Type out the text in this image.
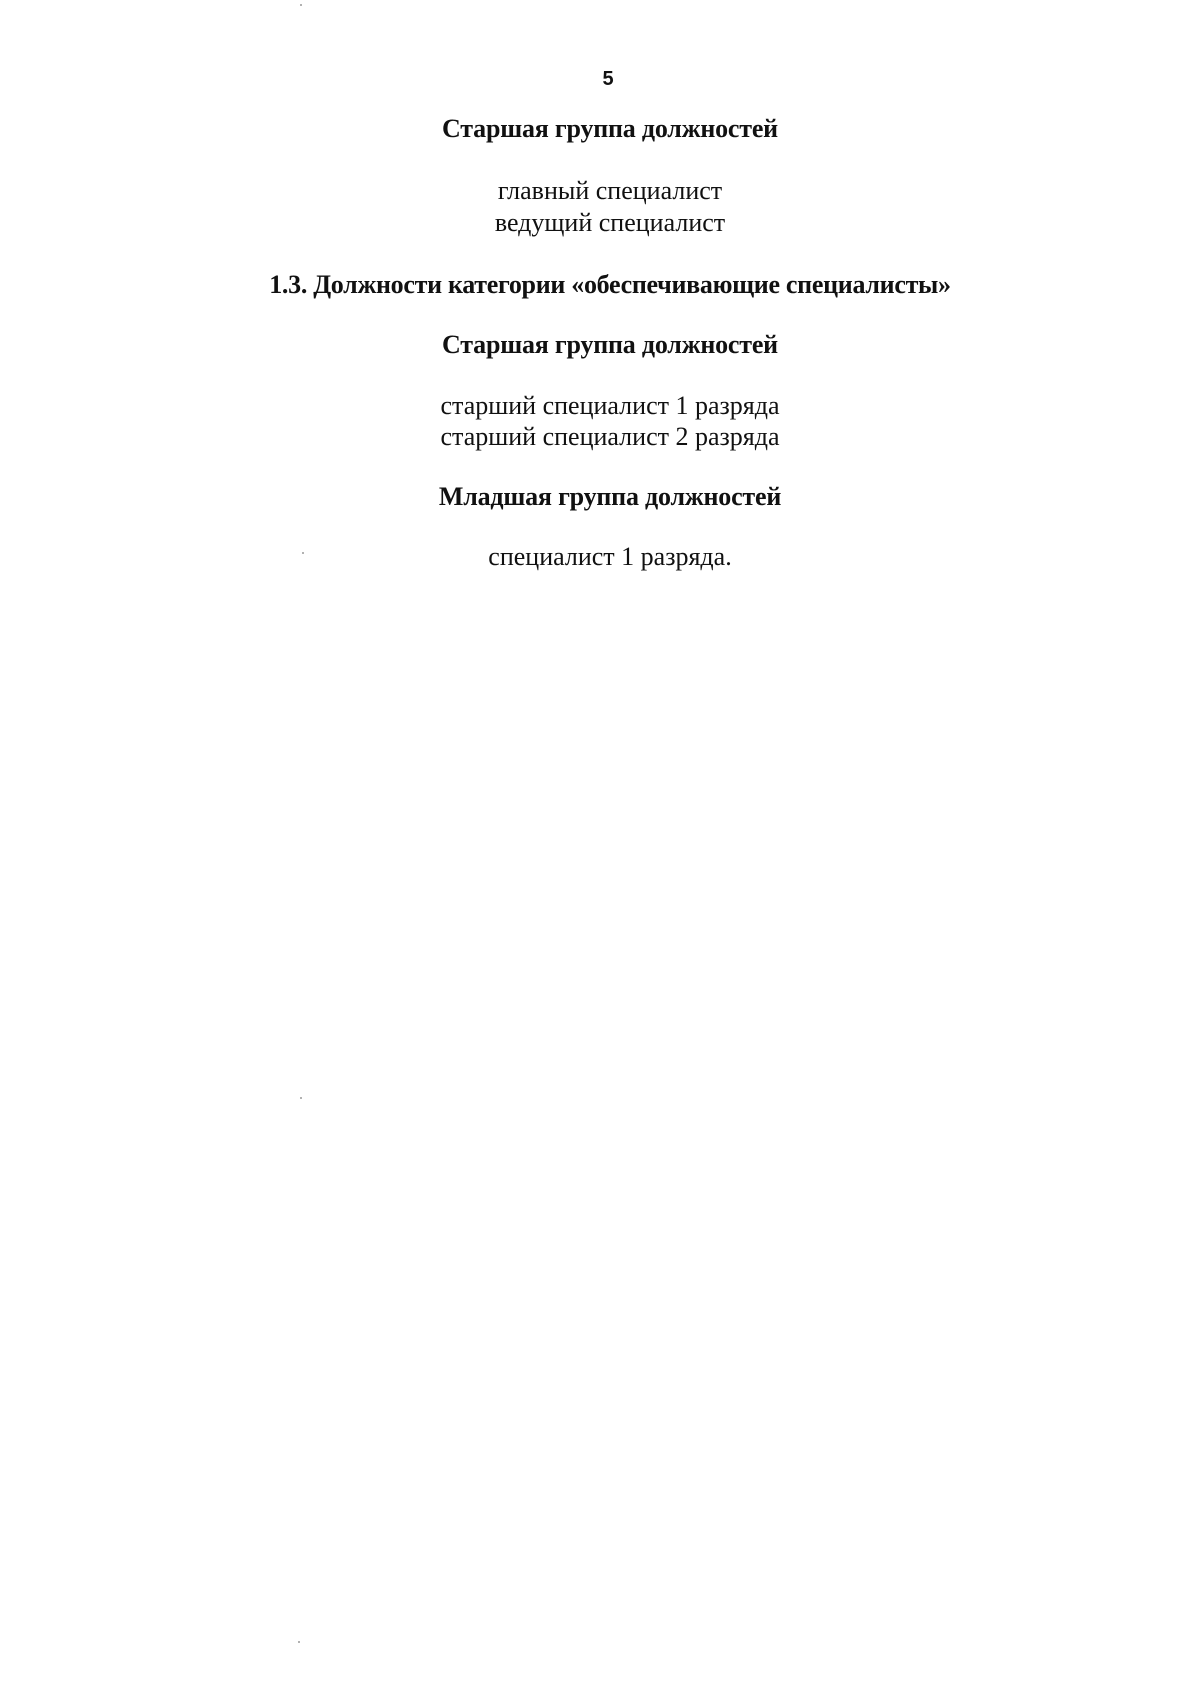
5
Старшая группа должностей
главный специалист
ведущий специалист
1.3. Должности категории «обеспечивающие специалисты»
Старшая группа должностей
старший специалист 1 разряда
старший специалист 2 разряда
Младшая группа должностей
специалист 1 разряда.
